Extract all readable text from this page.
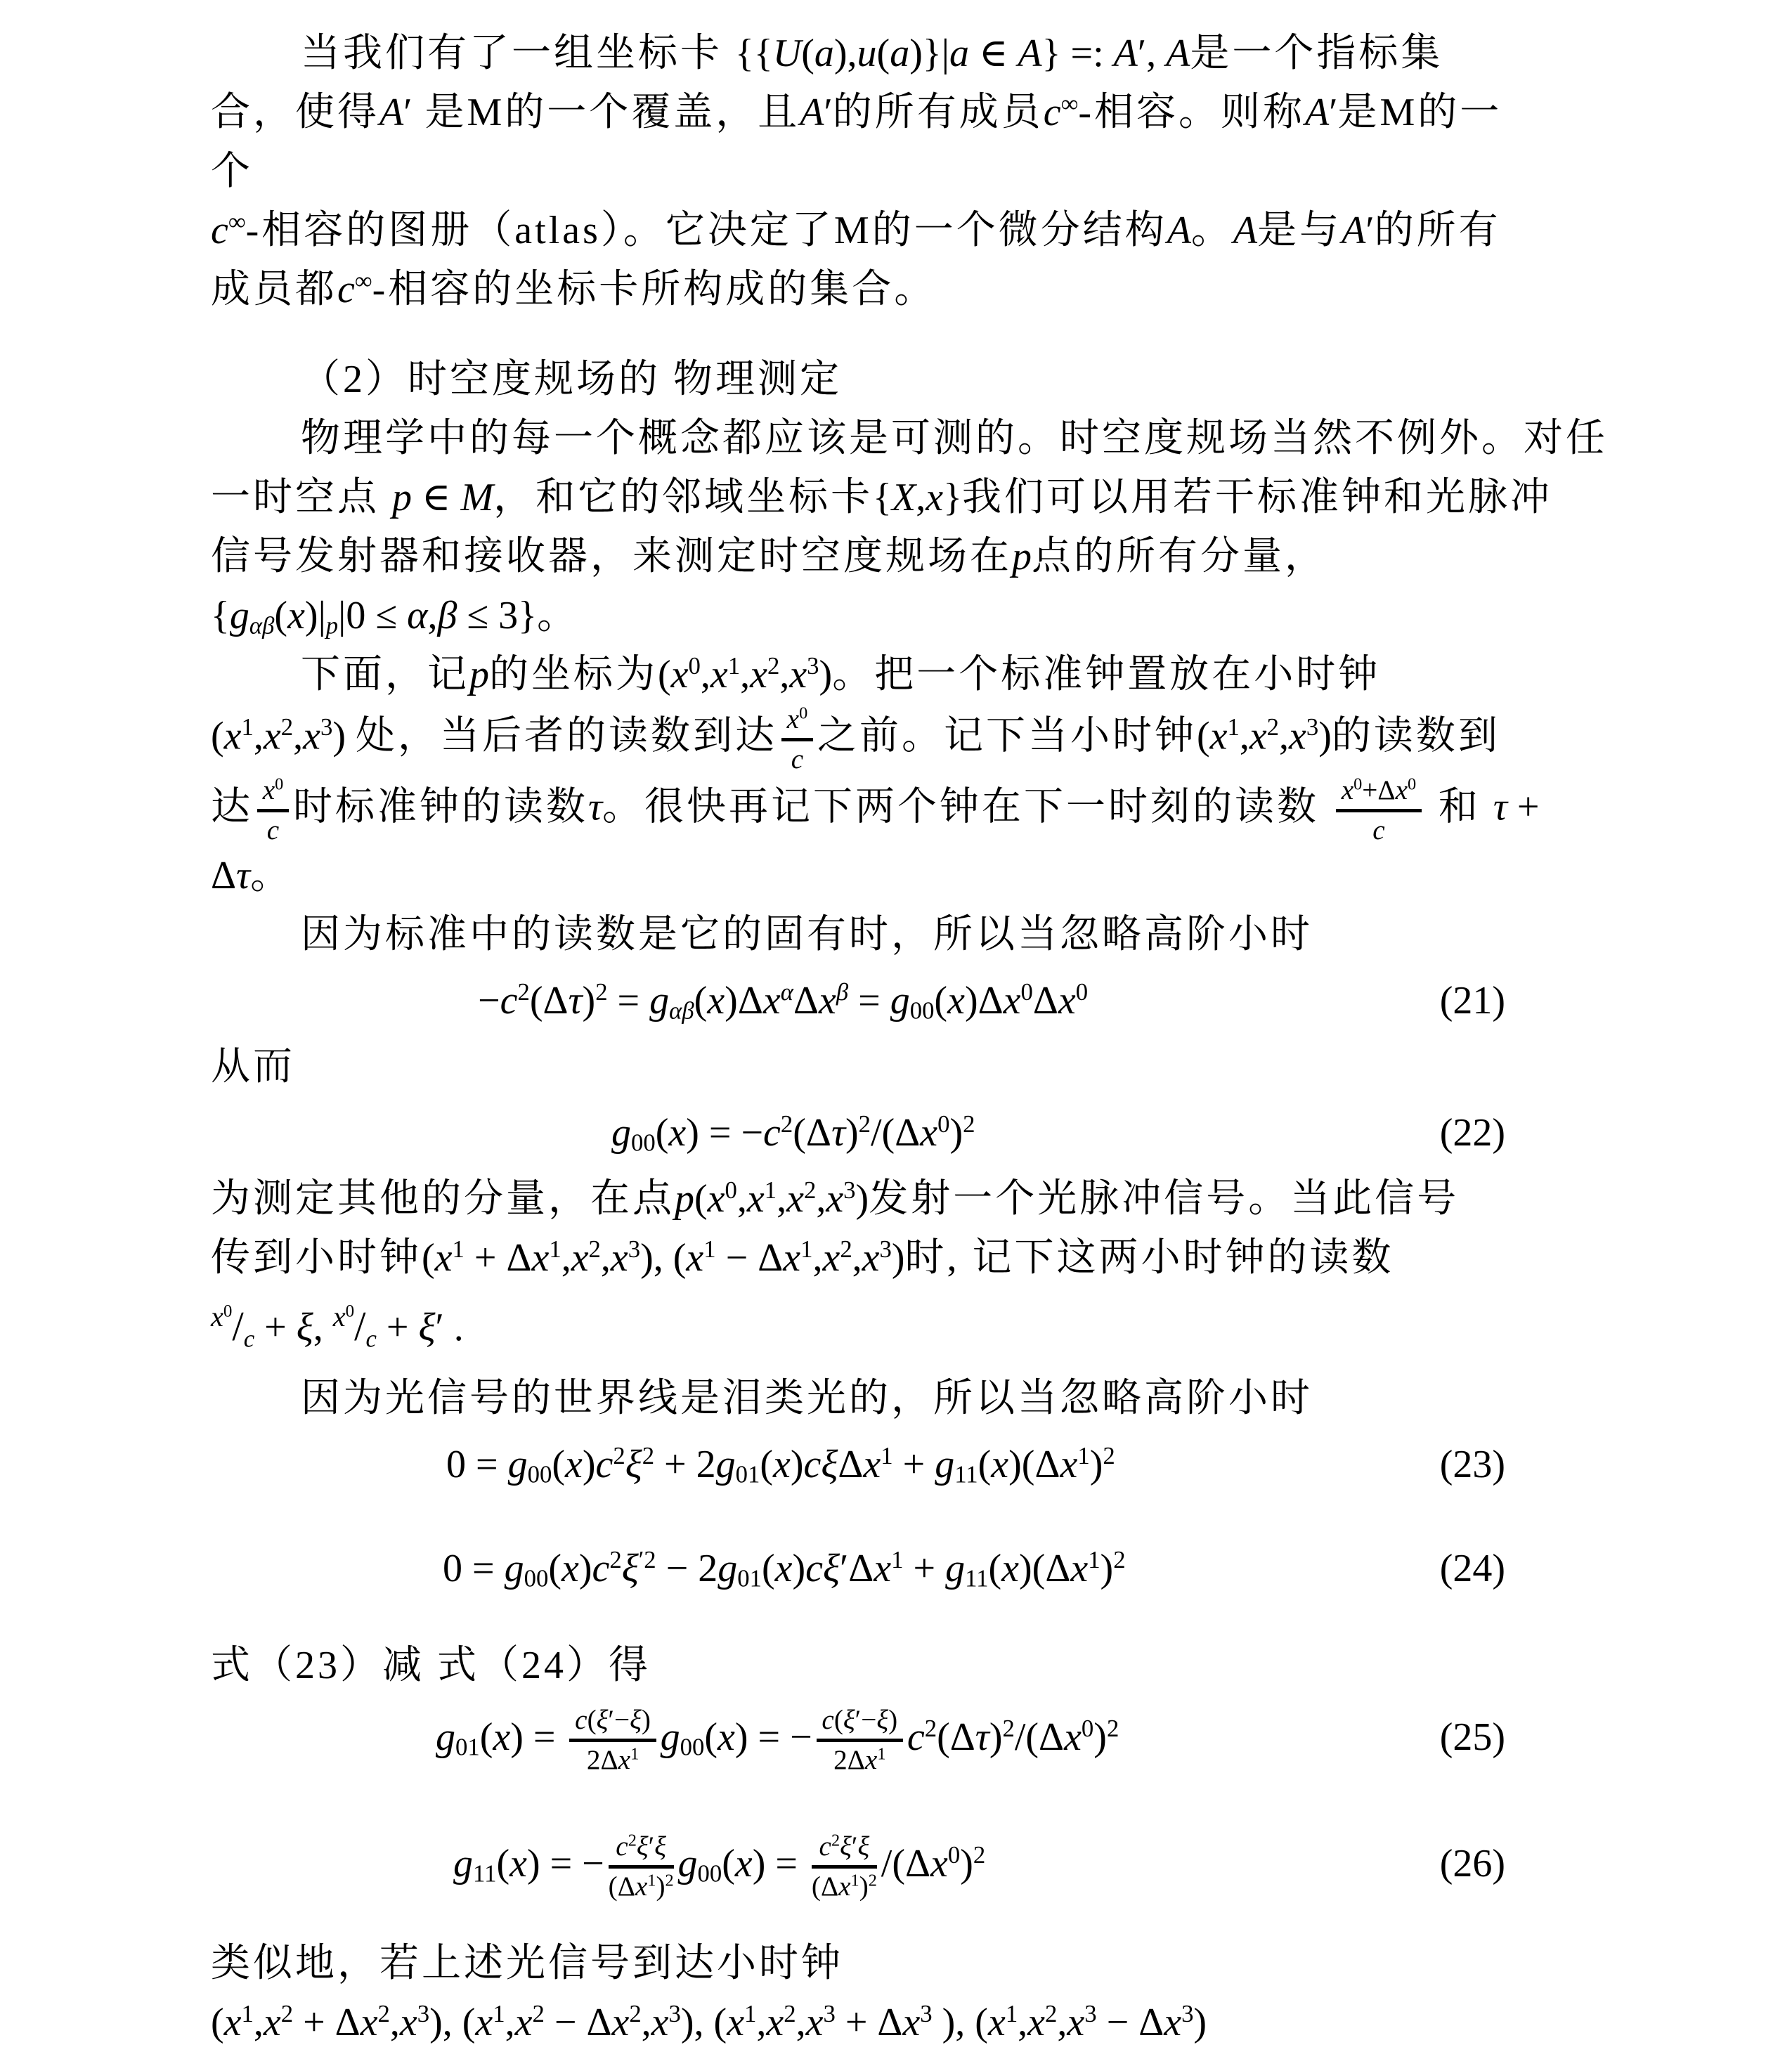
当我们有了一组坐标卡 {{U(a),u(a)}|a ∈ A} =: A′, A是一个指标集
合，使得A′ 是M的一个覆盖，且A′的所有成员c∞-相容。则称A′是M的一
个
c∞-相容的图册（atlas）。它决定了M的一个微分结构A。A是与A′的所有
成员都c∞-相容的坐标卡所构成的集合。
（2）时空度规场的 物理测定
物理学中的每一个概念都应该是可测的。时空度规场当然不例外。对任
一时空点 p ∈ M，和它的邻域坐标卡{X,x}我们可以用若干标准钟和光脉冲
信号发射器和接收器，来测定时空度规场在p点的所有分量，
{gαβ(x)|p|0 ≤ α,β ≤ 3}。
下面，记p的坐标为$(x^0,x^1,x^2,x^3)$。把一个标准钟置放在小时钟
$(x^1,x^2,x^3)$ 处，当后者的读数到达 $\frac{x^0}{c}$ 之前。记下当小时钟$(x^1,x^2,x^3)$的读数到
达 $\frac{x^0}{c}$ 时标准钟的读数τ。很快再记下两个钟在下一时刻的读数 $\frac{x^0+\Delta x^0}{c}$ 和 τ +
Δτ。
因为标准中的读数是它的固有时，所以当忽略高阶小时
$-c^2(\Delta\tau)^2 = g\alpha\beta(x)\Delta x^\alpha\Delta x^\beta = g00(x)\Delta x^0\Delta x^0$	(21)
从而
$g00(x) = -c^2(\Delta\tau)^2/(\Delta x^0)^2$	(22)
为测定其他的分量，在点$p(x^0,x^1,x^2,x^3)$发射一个光脉冲信号。当此信号
传到小时钟$(x^1 + \Delta x^1,x^2,x^3)$, $(x^1 - \Delta x^1,x^2,x^3)$时, 记下这两小时钟的读数
$^{x^0}$/c + ξ, $^{x^0}$/c + ξ′ .
因为光信号的世界线是泪类光的，所以当忽略高阶小时
$0 = g00(x)c^2\xi^2 + 2g01(x)c\xi\Delta x^1 + g11(x)(\Delta x^1)^2$	(23)
$0 = g00(x)c^2\xi^{'2} - 2g01(x)c\xi'\Delta x^1 + g11(x)(\Delta x^1)^2$	(24)
式（23）减 式（24）得
$g01(x) = \frac{c(\xi'-\xi)}{2\Delta x^1} g00(x)$ = − $\frac{c(\xi'-\xi)}{2\Delta x^1} c^2(\Delta\tau)^2/(\Delta x^0)^2$	(25)
g11(x) = − $\frac{c^2\xi'\xi}{(\Delta x^1)^2} g00(x) = \frac{c^2\xi'\xi}{(\Delta x^1)^2} /(\Delta x^0)^2$	(26)
类似地，若上述光信号到达小时钟
$(x^1,x^2 + \Delta x^2,x^3)$, $(x^1,x^2 - \Delta x^2,x^3)$, ($x^1,x^2,x^3 + \Delta x^3$ ), $(x^1,x^2,x^3 - \Delta x^3)$
